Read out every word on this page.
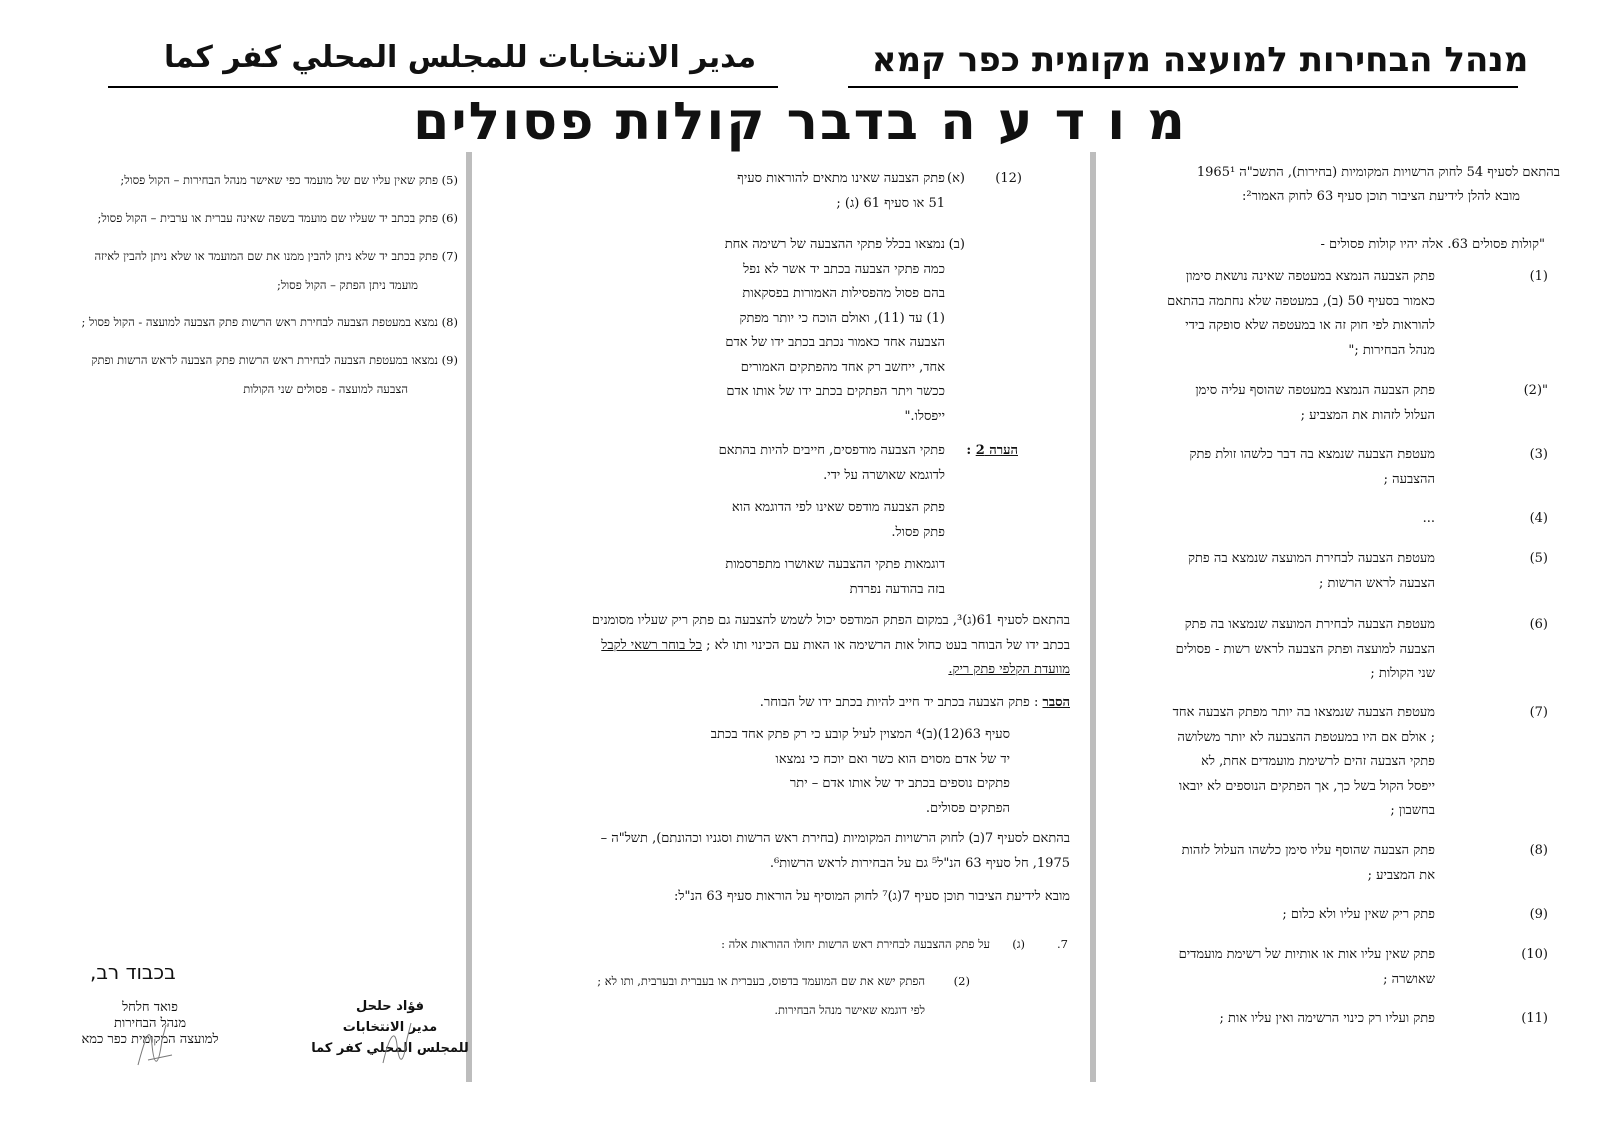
مدير الانتخابات للمجلس المحلي كفر كما	מנהל הבחירות למועצה מקומית כפר קמא
מ ו ד ע ה בדבר קולות פסולים
בהתאם לסעיף 54 לחוק הרשויות המקומיות (בחירות), התשכ"ה 1965¹
מובא להלן לידיעת הציבור תוכן סעיף 63 לחוק האמור²:
"קולות פסולים 63. אלה יהיו קולות פסולים -
(1)
פתק הצבעה הנמצא במעטפה שאינה נושאת סימון
כאמור בסעיף 50 (ב), במעטפה שלא נחתמה בהתאם
להוראות לפי חוק זה או במעטפה שלא סופקה בידי
מנהל הבחירות ;"
"(2)
פתק הצבעה הנמצא במעטפה שהוסף עליה סימן
העלול לזהות את המצביע ;
(3)
מעטפת הצבעה שנמצא בה דבר כלשהו זולת פתק
ההצבעה ;
(4)
...
(5)
מעטפת הצבעה לבחירת המועצה שנמצא בה פתק
הצבעה לראש הרשות ;
(6)
מעטפת הצבעה לבחירת המועצה שנמצאו בה פתק
הצבעה למועצה ופתק הצבעה לראש רשות - פסולים
שני הקולות ;
(7)
מעטפת הצבעה שנמצאו בה יותר מפתק הצבעה אחד
; אולם אם היו במעטפת ההצבעה לא יותר משלושה
פתקי הצבעה זהים לרשימת מועמדים אחת, לא
ייפסל הקול בשל כך, אך הפתקים הנוספים לא יובאו
בחשבון ;
(8)
פתק הצבעה שהוסף עליו סימן כלשהו העלול לזהות
את המצביע ;
(9)
פתק ריק שאין עליו ולא כלום ;
(10)
פתק שאין עליו אות או אותיות של רשימת מועמדים
שאושרה ;
(11)
פתק ועליו רק כינוי הרשימה ואין עליו אות ;
(12)
(א)
פתק הצבעה שאינו מתאים להוראות סעיף
51 או סעיף 61 (ג) ;
(ב)
נמצאו בכלל פתקי ההצבעה של רשימה אחת
כמה פתקי הצבעה בכתב יד אשר לא נפל
בהם פסול מהפסילות האמורות בפסקאות
(1) עד (11), ואולם הוכח כי יותר מפתק
הצבעה אחד כאמור נכתב בכתב ידו של אדם
אחד, ייחשב רק אחד מהפתקים האמורים
ככשר ויתר הפתקים בכתב ידו של אותו אדם
ייפסלו."
הערה 2 :
פתקי הצבעה מודפסים, חייבים להיות בהתאם
לדוגמא שאושרה על ידי.
פתק הצבעה מודפס שאינו לפי הדוגמא הוא
פתק פסול.
דוגמאות פתקי ההצבעה שאושרו מתפרסמות
בזה בהודעה נפרדת
בהתאם לסעיף 61(ג)³, במקום הפתק המודפס יכול לשמש להצבעה גם פתק ריק שעליו מסומנים
בכתב ידו של הבוחר בעט כחול אות הרשימה או האות עם הכינוי ותו לא ; כל בוחר רשאי לקבל
מוועדת הקלפי פתק ריק.
הסבר : פתק הצבעה בכתב יד חייב להיות בכתב ידו של הבוחר.
סעיף 63(12)(ב)⁴ המצוין לעיל קובע כי רק פתק אחד בכתב
יד של אדם מסוים הוא כשר ואם יוכח כי נמצאו
פתקים נוספים בכתב יד של אותו אדם – יתר
הפתקים פסולים.
בהתאם לסעיף 7(ב) לחוק הרשויות המקומיות (בחירת ראש הרשות וסגניו וכהונתם), תשל"ה –
1975, חל סעיף 63 הנ"ל⁵ גם על הבחירות לראש הרשות⁶.
מובא לידיעת הציבור תוכן סעיף 7(ג)⁷ לחוק המוסיף על הוראות סעיף 63 הנ"ל:
7.
(ג)
על פתק ההצבעה לבחירת ראש הרשות יחולו ההוראות אלה :
(2)
הפתק ישא את שם המועמד בדפוס, בעברית או בעברית ובערבית, ותו לא ;
לפי דוגמא שאישר מנהל הבחירות.
(5) פתק שאין עליו שם של מועמד כפי שאישר מנהל הבחירות – הקול פסול;
(6) פתק בכתב יד שעליו שם מועמד בשפה שאינה עברית או ערבית – הקול פסול;
(7) פתק בכתב יד שלא ניתן להבין ממנו את שם המועמד או שלא ניתן להבין לאיזה
מועמד ניתן הפתק – הקול פסול;
(8) נמצא במעטפת הצבעה לבחירת ראש הרשות פתק הצבעה למועצה - הקול פסול ;
(9) נמצאו במעטפת הצבעה לבחירת ראש הרשות פתק הצבעה לראש הרשות ופתק
הצבעה למועצה - פסולים שני הקולות
בכבוד רב,
פואד חלחל
מנהל הבחירות
למועצה המקומית כפר כמא
فؤاد حلحل
مدير الانتخابات
للمجلس المحلي كفر كما
